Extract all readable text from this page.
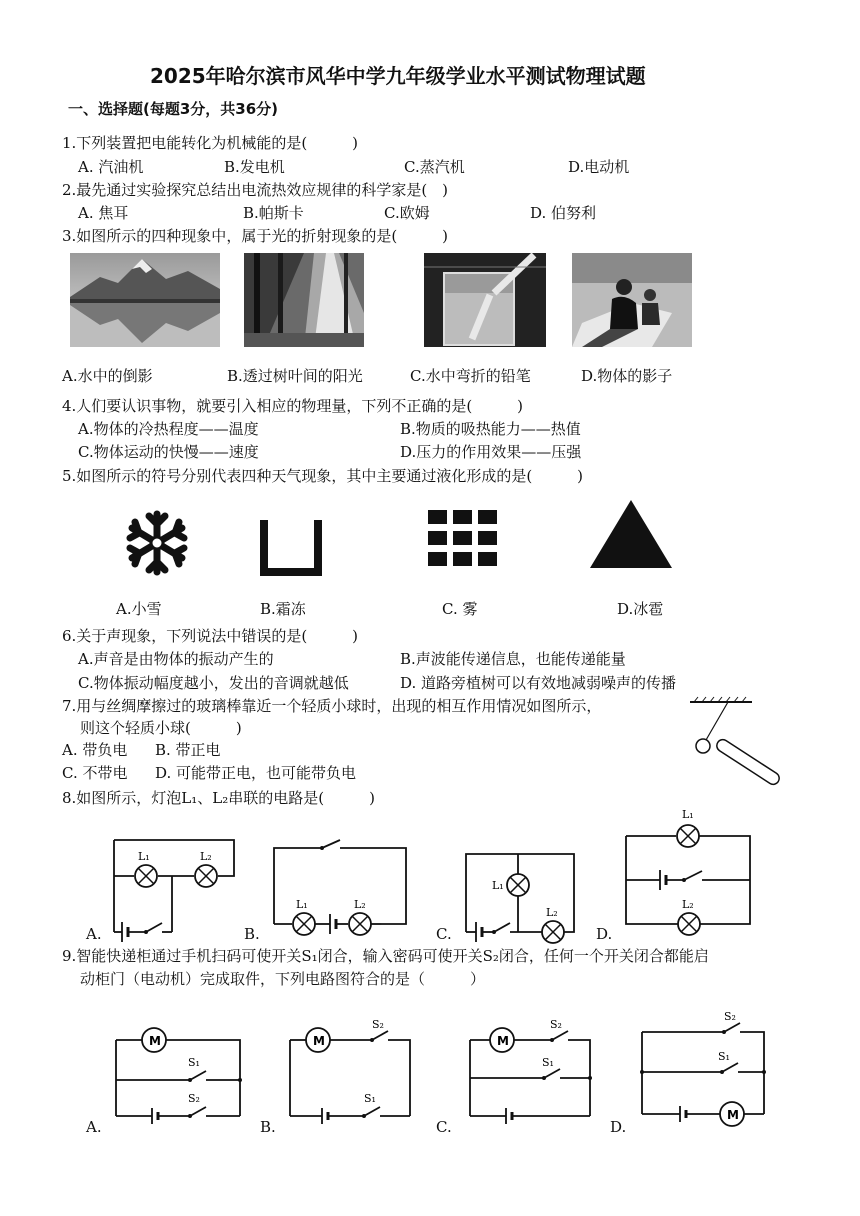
2025年哈尔滨市风华中学九年级学业水平测试物理试题
一、选择题(每题3分，共36分)
1.下列装置把电能转化为机械能的是(　　　)
A. 汽油机	B.发电机	C.蒸汽机	D.电动机
2.最先通过实验探究总结出电流热效应规律的科学家是(　)
A. 焦耳	B.帕斯卡	C.欧姆	D. 伯努利
3.如图所示的四种现象中，属于光的折射现象的是(　　　)
A.水中的倒影	B.透过树叶间的阳光	C.水中弯折的铅笔	D.物体的影子
4.人们要认识事物，就要引入相应的物理量，下列不正确的是(　　　)
A.物体的冷热程度——温度	B.物质的吸热能力——热值
C.物体运动的快慢——速度	D.压力的作用效果——压强
5.如图所示的符号分别代表四种天气现象，其中主要通过液化形成的是(　　　)
A.小雪	B.霜冻	C. 雾	D.冰雹
6.关于声现象，下列说法中错误的是(　　　)
A.声音是由物体的振动产生的	B.声波能传递信息，也能传递能量
C.物体振动幅度越小，发出的音调就越低	D. 道路旁植树可以有效地减弱噪声的传播
7.用与丝绸摩擦过的玻璃棒靠近一个轻质小球时，出现的相互作用情况如图所示，
则这个轻质小球(　　　)
A. 带负电 B. 带正电
C. 不带电 D. 可能带正电，也可能带负电
8.如图所示，灯泡L₁、L₂串联的电路是(　　　)
L₁	L₂
A.
L₁	L₂
B.
L₁
L₂
C.
L₁
L₂
D.
9.智能快递柜通过手机扫码可使开关S₁闭合，输入密码可使开关S₂闭合，任何一个开关闭合都能启
动柜门（电动机）完成取件，下列电路图符合的是（　　　）
M
S₁
S₂
A.
M
S₂
S₁
B.
M
S₂
S₁
C.
M
S₂
S₁
D.
